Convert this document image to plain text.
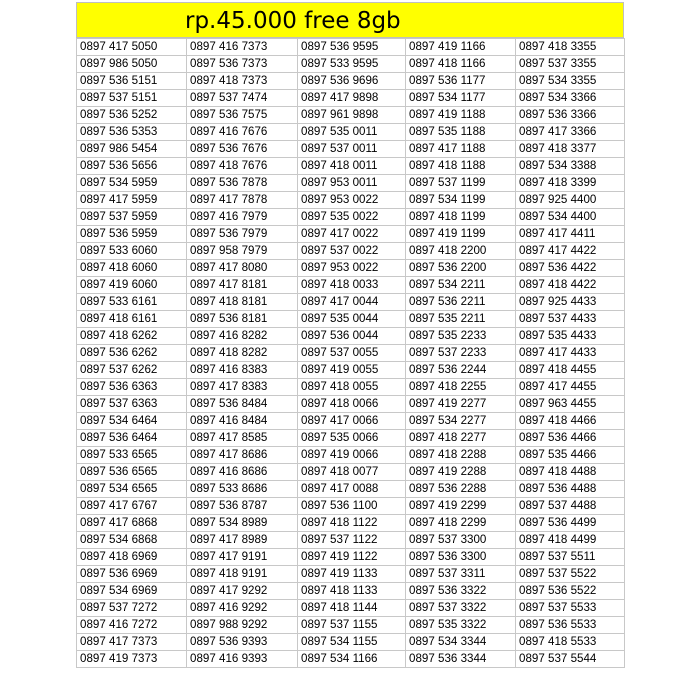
rp.45.000 free 8gb
0897 417 5050	0897 416 7373	0897 536 9595	0897 419 1166	0897 418 3355
0897 986 5050	0897 536 7373	0897 533 9595	0897 418 1166	0897 537 3355
0897 536 5151	0897 418 7373	0897 536 9696	0897 536 1177	0897 534 3355
0897 537 5151	0897 537 7474	0897 417 9898	0897 534 1177	0897 534 3366
0897 536 5252	0897 536 7575	0897 961 9898	0897 419 1188	0897 536 3366
0897 536 5353	0897 416 7676	0897 535 0011	0897 535 1188	0897 417 3366
0897 986 5454	0897 536 7676	0897 537 0011	0897 417 1188	0897 418 3377
0897 536 5656	0897 418 7676	0897 418 0011	0897 418 1188	0897 534 3388
0897 534 5959	0897 536 7878	0897 953 0011	0897 537 1199	0897 418 3399
0897 417 5959	0897 417 7878	0897 953 0022	0897 534 1199	0897 925 4400
0897 537 5959	0897 416 7979	0897 535 0022	0897 418 1199	0897 534 4400
0897 536 5959	0897 536 7979	0897 417 0022	0897 419 1199	0897 417 4411
0897 533 6060	0897 958 7979	0897 537 0022	0897 418 2200	0897 417 4422
0897 418 6060	0897 417 8080	0897 953 0022	0897 536 2200	0897 536 4422
0897 419 6060	0897 417 8181	0897 418 0033	0897 534 2211	0897 418 4422
0897 533 6161	0897 418 8181	0897 417 0044	0897 536 2211	0897 925 4433
0897 418 6161	0897 536 8181	0897 535 0044	0897 535 2211	0897 537 4433
0897 418 6262	0897 416 8282	0897 536 0044	0897 535 2233	0897 535 4433
0897 536 6262	0897 418 8282	0897 537 0055	0897 537 2233	0897 417 4433
0897 537 6262	0897 416 8383	0897 419 0055	0897 536 2244	0897 418 4455
0897 536 6363	0897 417 8383	0897 418 0055	0897 418 2255	0897 417 4455
0897 537 6363	0897 536 8484	0897 418 0066	0897 419 2277	0897 963 4455
0897 534 6464	0897 416 8484	0897 417 0066	0897 534 2277	0897 418 4466
0897 536 6464	0897 417 8585	0897 535 0066	0897 418 2277	0897 536 4466
0897 533 6565	0897 417 8686	0897 419 0066	0897 418 2288	0897 535 4466
0897 536 6565	0897 416 8686	0897 418 0077	0897 419 2288	0897 418 4488
0897 534 6565	0897 533 8686	0897 417 0088	0897 536 2288	0897 536 4488
0897 417 6767	0897 536 8787	0897 536 1100	0897 419 2299	0897 537 4488
0897 417 6868	0897 534 8989	0897 418 1122	0897 418 2299	0897 536 4499
0897 534 6868	0897 417 8989	0897 537 1122	0897 537 3300	0897 418 4499
0897 418 6969	0897 417 9191	0897 419 1122	0897 536 3300	0897 537 5511
0897 536 6969	0897 418 9191	0897 419 1133	0897 537 3311	0897 537 5522
0897 534 6969	0897 417 9292	0897 418 1133	0897 536 3322	0897 536 5522
0897 537 7272	0897 416 9292	0897 418 1144	0897 537 3322	0897 537 5533
0897 416 7272	0897 988 9292	0897 537 1155	0897 535 3322	0897 536 5533
0897 417 7373	0897 536 9393	0897 534 1155	0897 534 3344	0897 418 5533
0897 419 7373	0897 416 9393	0897 534 1166	0897 536 3344	0897 537 5544
